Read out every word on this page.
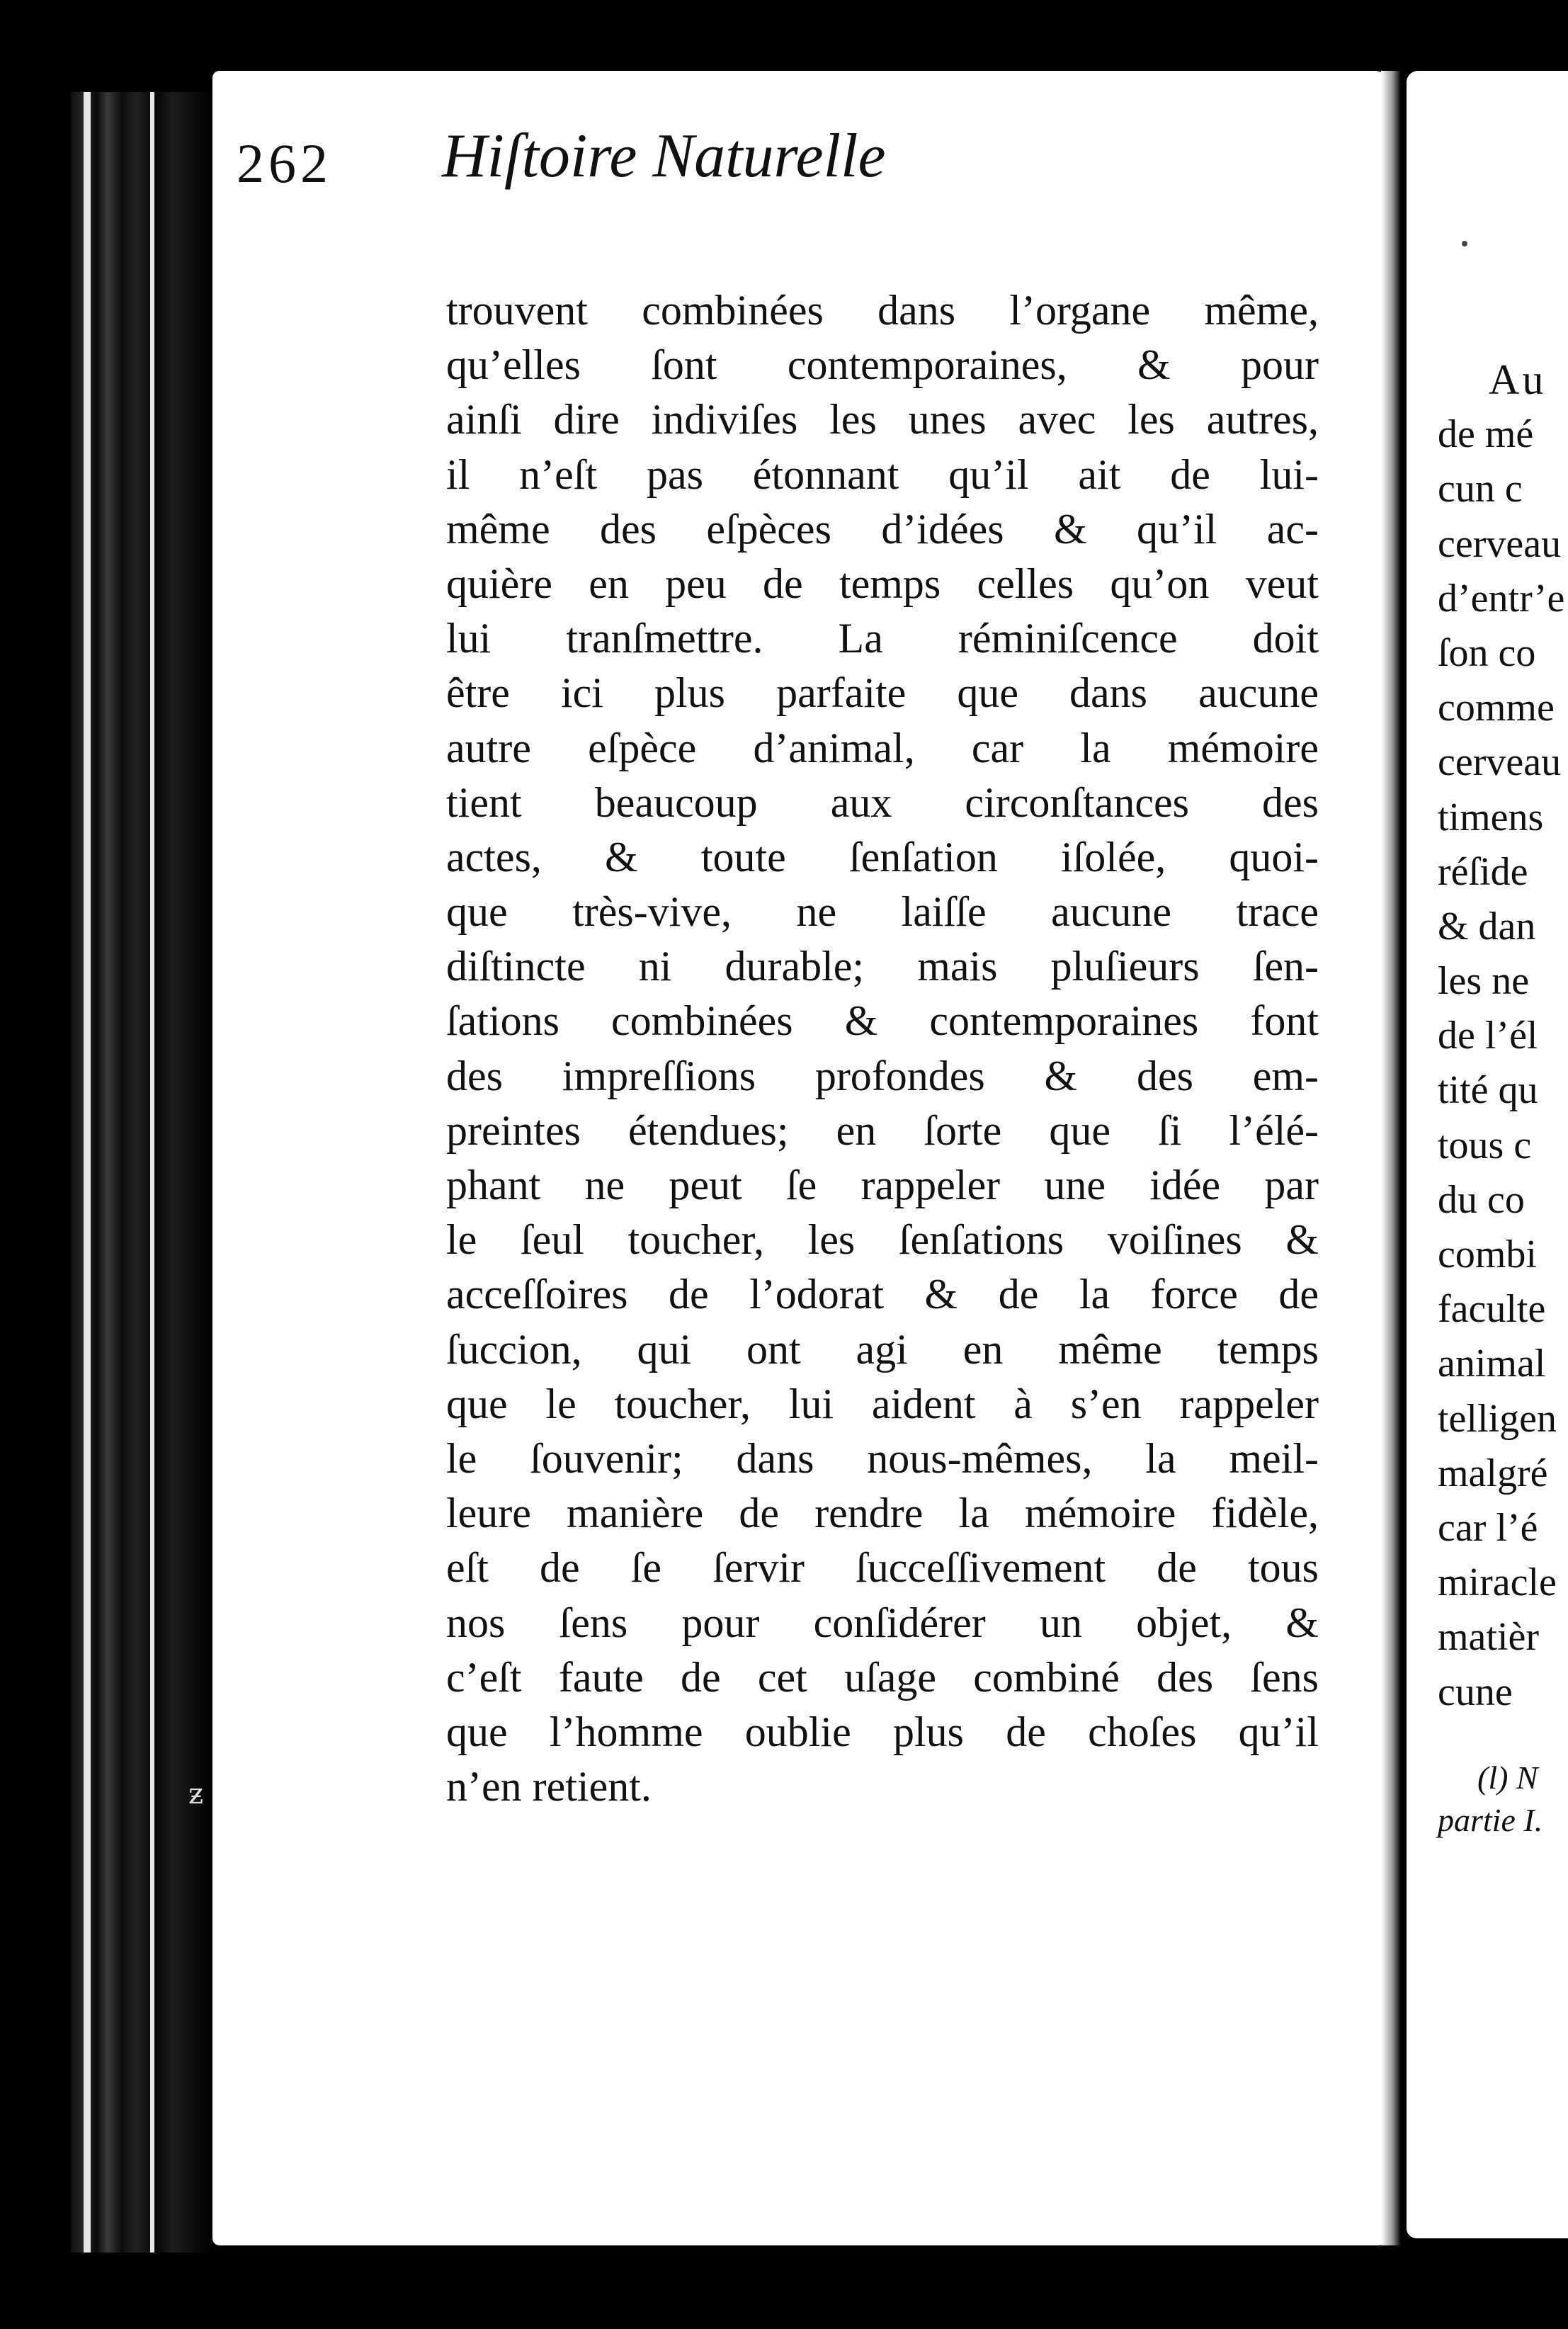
ƶ
262 Hiſtoire Naturelle
trouvent combinées dans l’organe même,
qu’elles ſont contemporaines, & pour
ainſi dire indiviſes les unes avec les autres,
il n’eſt pas étonnant qu’il ait de lui-
même des eſpèces d’idées & qu’il ac-
quière en peu de temps celles qu’on veut
lui tranſmettre. La réminiſcence doit
être ici plus parfaite que dans aucune
autre eſpèce d’animal, car la mémoire
tient beaucoup aux circonſtances des
actes, & toute ſenſation iſolée, quoi-
que très-vive, ne laiſſe aucune trace
diſtincte ni durable; mais pluſieurs ſen-
ſations combinées & contemporaines font
des impreſſions profondes & des em-
preintes étendues; en ſorte que ſi l’élé-
phant ne peut ſe rappeler une idée par
le ſeul toucher, les ſenſations voiſines &
acceſſoires de l’odorat & de la force de
ſuccion, qui ont agi en même temps
que le toucher, lui aident à s’en rappeler
le ſouvenir; dans nous-mêmes, la meil-
leure manière de rendre la mémoire fidèle,
eſt de ſe ſervir ſucceſſivement de tous
nos ſens pour conſidérer un objet, &
c’eſt faute de cet uſage combiné des ſens
que l’homme oublie plus de choſes qu’il
n’en retient.
Au
de mé
cun c
cerveau
d’entr’e
ſon co
comme
cerveau
timens
réſide
& dan
les ne
de l’él
tité qu
tous c
du co
combi
faculte
animal
telligen
malgré
car l’é
miracle
matièr
cune
(l) N
partie I.
